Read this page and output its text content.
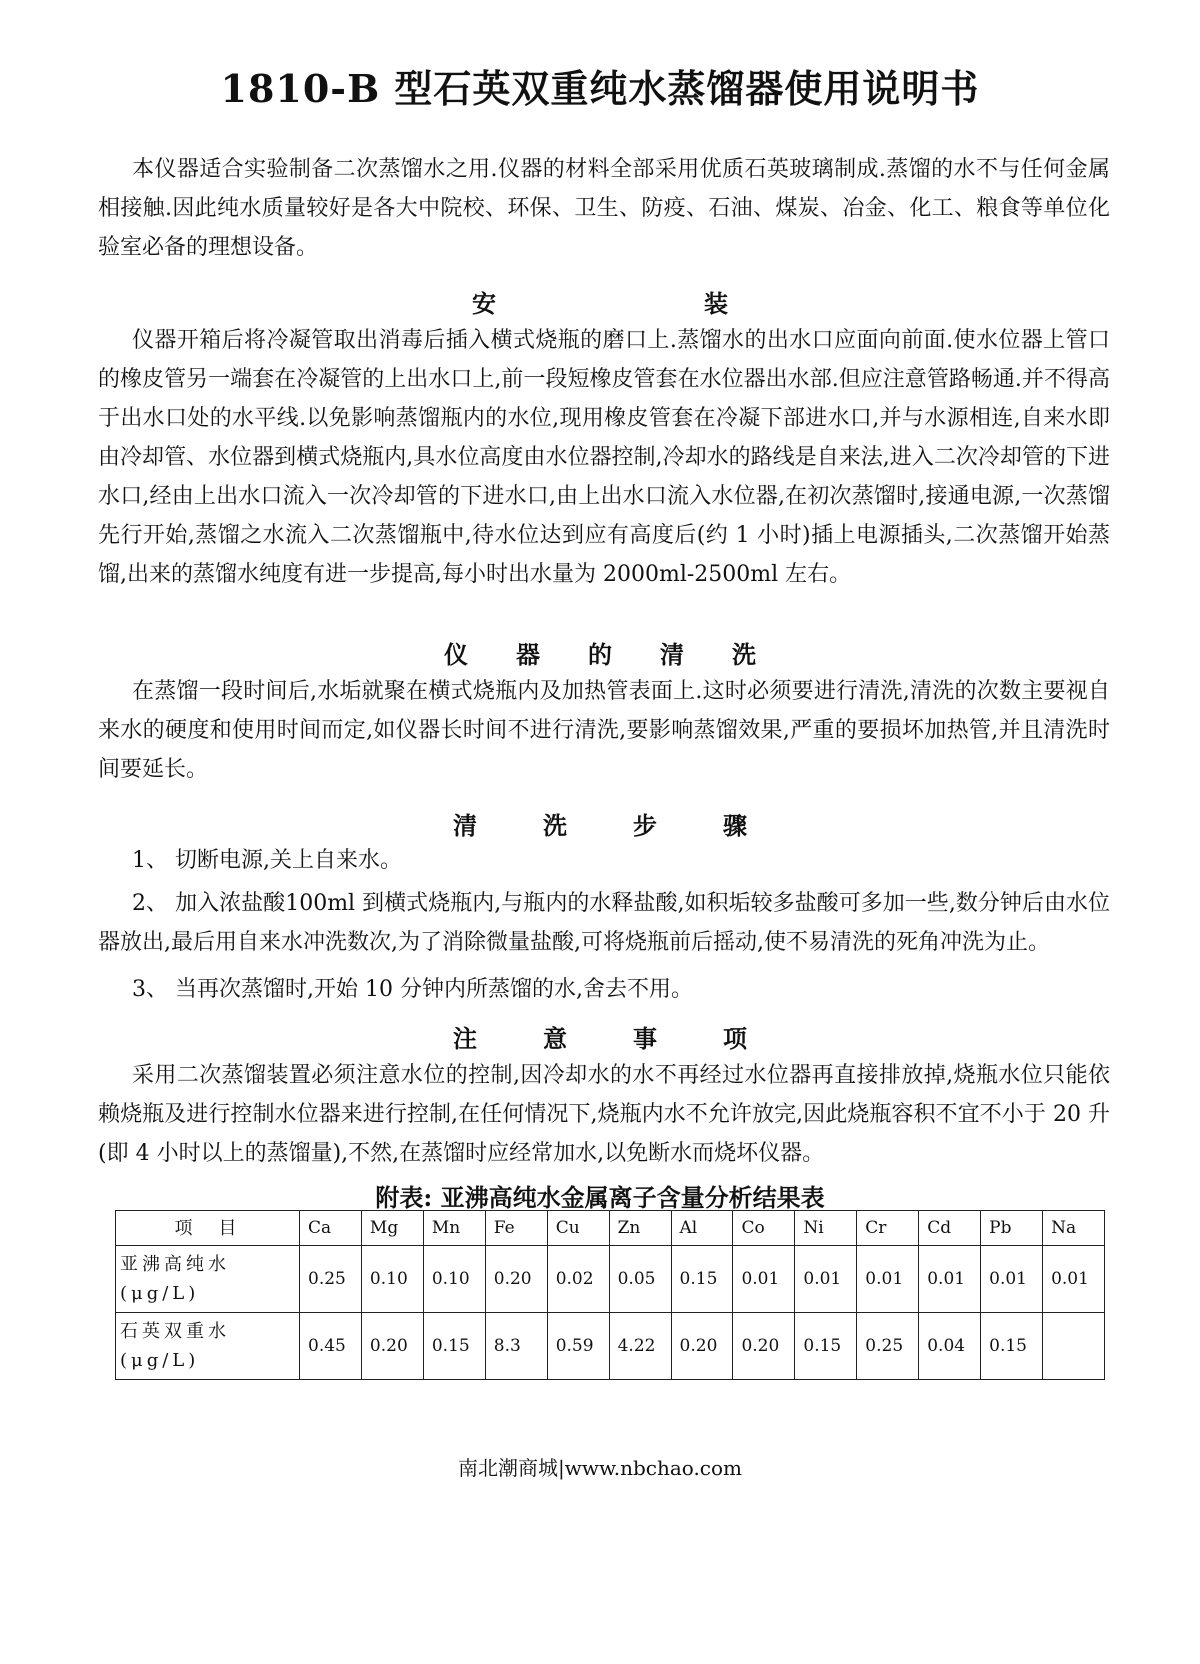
1810-B 型石英双重纯水蒸馏器使用说明书
本仪器适合实验制备二次蒸馏水之用.仪器的材料全部采用优质石英玻璃制成.蒸馏的水不与任何金属相接触.因此纯水质量较好是各大中院校、环保、卫生、防疫、石油、煤炭、冶金、化工、粮食等单位化验室必备的理想设备。
安	装
仪器开箱后将冷凝管取出消毒后插入横式烧瓶的磨口上.蒸馏水的出水口应面向前面.使水位器上管口的橡皮管另一端套在冷凝管的上出水口上,前一段短橡皮管套在水位器出水部.但应注意管路畅通.并不得高于出水口处的水平线.以免影响蒸馏瓶内的水位,现用橡皮管套在冷凝下部进水口,并与水源相连,自来水即由冷却管、水位器到横式烧瓶内,具水位高度由水位器控制,冷却水的路线是自来法,进入二次冷却管的下进水口,经由上出水口流入一次冷却管的下进水口,由上出水口流入水位器,在初次蒸馏时,接通电源,一次蒸馏先行开始,蒸馏之水流入二次蒸馏瓶中,待水位达到应有高度后(约 1 小时)插上电源插头,二次蒸馏开始蒸馏,出来的蒸馏水纯度有进一步提高,每小时出水量为 2000ml-2500ml 左右。
仪 器 的 清 洗
在蒸馏一段时间后,水垢就聚在横式烧瓶内及加热管表面上.这时必须要进行清洗,清洗的次数主要视自来水的硬度和使用时间而定,如仪器长时间不进行清洗,要影响蒸馏效果,严重的要损坏加热管,并且清洗时间要延长。
清	洗	步	骤
1、 切断电源,关上自来水。
2、 加入浓盐酸100ml 到横式烧瓶内,与瓶内的水释盐酸,如积垢较多盐酸可多加一些,数分钟后由水位器放出,最后用自来水冲洗数次,为了消除微量盐酸,可将烧瓶前后摇动,使不易清洗的死角冲洗为止。
3、 当再次蒸馏时,开始 10 分钟内所蒸馏的水,舍去不用。
注	意	事	项
采用二次蒸馏装置必须注意水位的控制,因冷却水的水不再经过水位器再直接排放掉,烧瓶水位只能依赖烧瓶及进行控制水位器来进行控制,在任何情况下,烧瓶内水不允许放完,因此烧瓶容积不宜不小于 20 升(即 4 小时以上的蒸馏量),不然,在蒸馏时应经常加水,以免断水而烧坏仪器。
附表: 亚沸高纯水金属离子含量分析结果表
项　目	Ca	Mg	Mn	Fe	Cu	Zn	Al	Co	Ni	Cr	Cd	Pb	Na
亚沸高纯水(μg/L)	0.25	0.10	0.10	0.20	0.02	0.05	0.15	0.01	0.01	0.01	0.01	0.01	0.01
石英双重水(μg/L)	0.45	0.20	0.15	8.3	0.59	4.22	0.20	0.20	0.15	0.25	0.04	0.15	
南北潮商城|www.nbchao.com
